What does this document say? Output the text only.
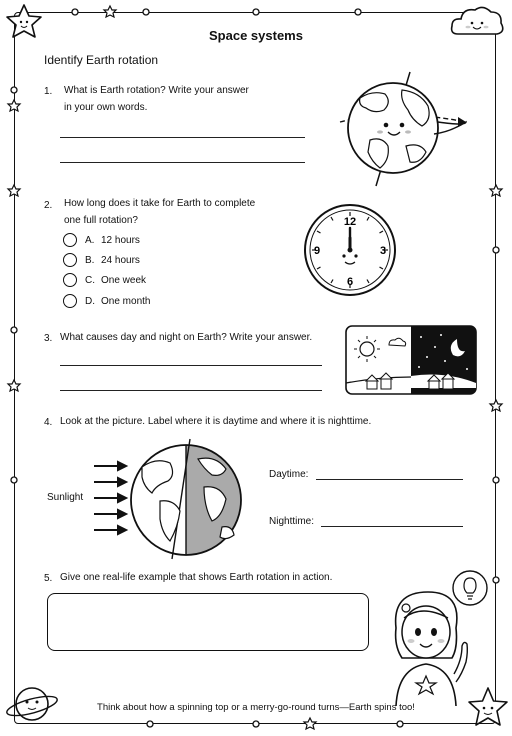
Space systems
Identify Earth rotation
1. What is Earth rotation? Write your answer
in your own words.
2. How long does it take for Earth to complete
one full rotation?
A. 12 hours
B. 24 hours
C. One week
D. One month
12
3
6
9
3. What causes day and night on Earth? Write your answer.
4. Look at the picture. Label where it is daytime and where it is nighttime.
Sunlight
Daytime:
Nighttime:
5. Give one real-life example that shows Earth rotation in action.
Think about how a spinning top or a merry-go-round turns—Earth spins too!
